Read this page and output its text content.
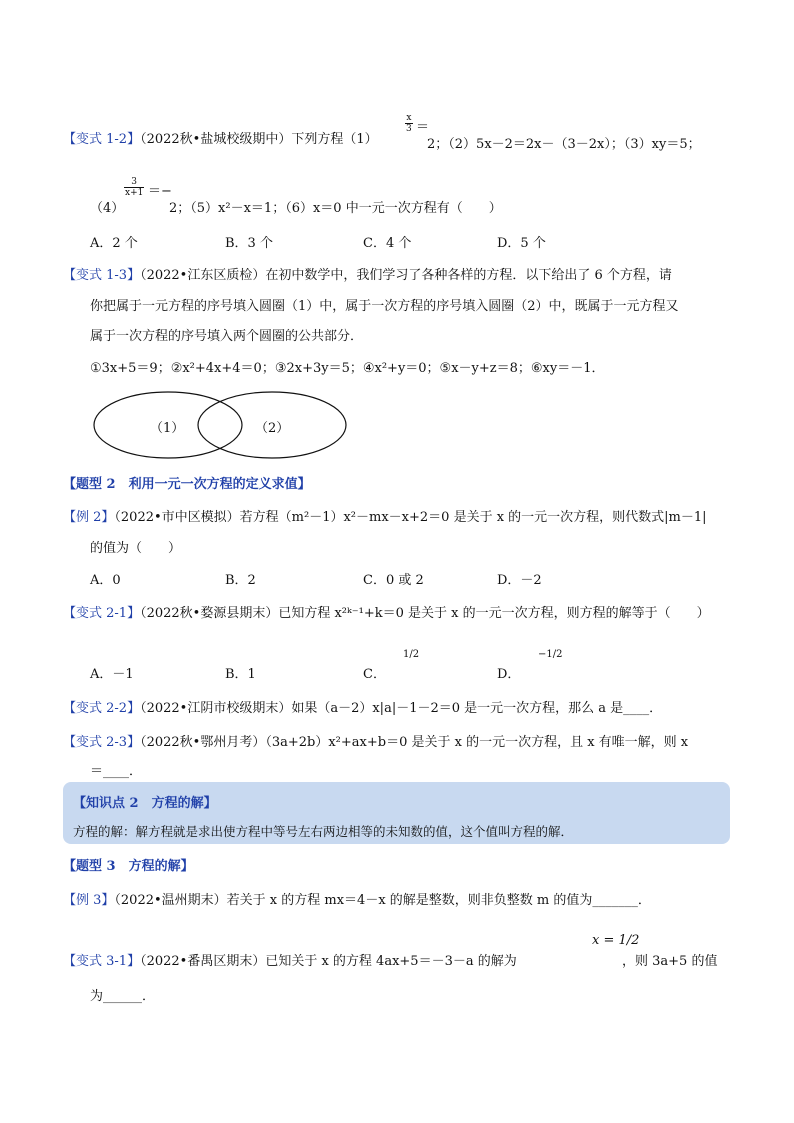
【变式 1-2】（2022秋•盐城校级期中）下列方程（1）
$\frac{x}{3}$ ＝
2；（2）5x－2＝2x－（3－2x）；（3）xy＝5；
（4）
$\frac{3}{x+1}$ ＝−
2；（5）x²－x＝1；（6）x＝0 中一元一次方程有（　　）
A．2 个	B．3 个	C．4 个	D．5 个
【变式 1-3】（2022•江东区质检）在初中数学中，我们学习了各种各样的方程．以下给出了 6 个方程，请
你把属于一元方程的序号填入圆圈（1）中，属于一次方程的序号填入圆圈（2）中，既属于一元方程又
属于一次方程的序号填入两个圆圈的公共部分．
①3x+5＝9；②x²+4x+4＝0；③2x+3y＝5；④x²+y＝0；⑤x－y+z＝8；⑥xy＝－1．
（1）	（2）
【题型 2　利用一元一次方程的定义求值】
【例 2】（2022•市中区模拟）若方程（m²－1）x²－mx－x+2＝0 是关于 x 的一元一次方程，则代数式|m－1|
的值为（　　）
A．0	B．2	C．0 或 2	D．－2
【变式 2-1】（2022秋•婺源县期末）已知方程 x²ᵏ⁻¹+k＝0 是关于 x 的一元一次方程，则方程的解等于（　　）
A．－1	B．1	C．
1/2
D．
−1/2
【变式 2-2】（2022•江阴市校级期末）如果（a－2）x|a|－1－2＝0 是一元一次方程，那么 a 是____．
【变式 2-3】（2022秋•鄂州月考）（3a+2b）x²+ax+b＝0 是关于 x 的一元一次方程，且 x 有唯一解，则 x
＝____．
【知识点 2　方程的解】
方程的解：解方程就是求出使方程中等号左右两边相等的未知数的值，这个值叫方程的解．
【题型 3　方程的解】
【例 3】（2022•温州期末）若关于 x 的方程 mx＝4－x 的解是整数，则非负整数 m 的值为_______．
【变式 3-1】（2022•番禺区期末）已知关于 x 的方程 4ax+5＝－3－a 的解为
x = 1/2
，则 3a+5 的值
为______．
